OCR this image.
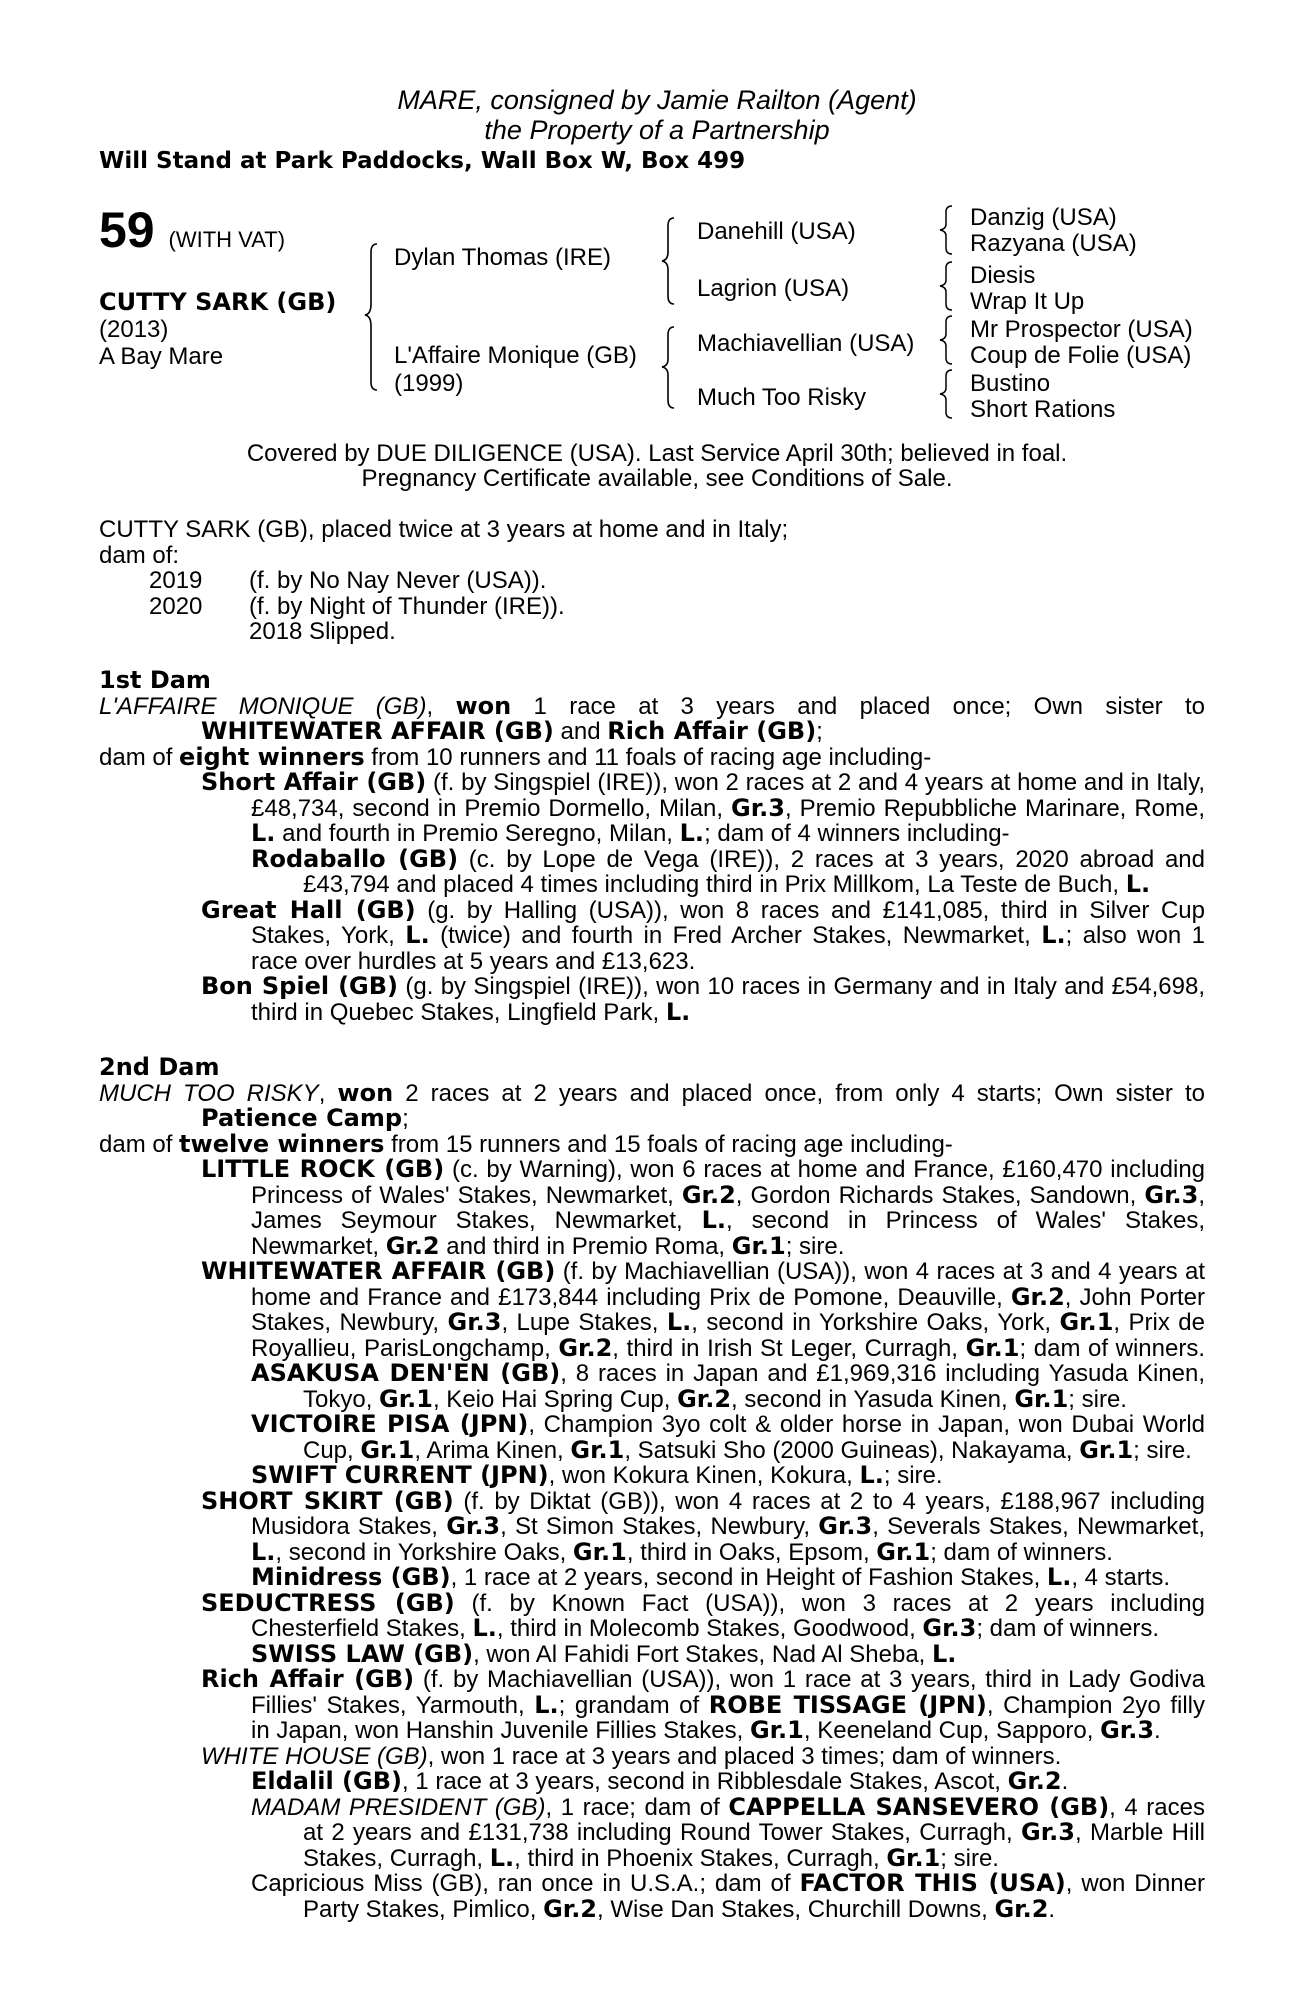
MARE, consigned by Jamie Railton (Agent)
the Property of a Partnership
Will Stand at Park Paddocks, Wall Box W, Box 499
59 (WITH VAT)
CUTTY SARK (GB)
(2013)
A Bay Mare
Dylan Thomas (IRE)
L'Affaire Monique (GB)
(1999)
Danehill (USA)
Lagrion (USA)
Machiavellian (USA)
Much Too Risky
Danzig (USA)
Razyana (USA)
Diesis
Wrap It Up
Mr Prospector (USA)
Coup de Folie (USA)
Bustino
Short Rations
Covered by DUE DILIGENCE (USA). Last Service April 30th; believed in foal.
Pregnancy Certificate available, see Conditions of Sale.
CUTTY SARK (GB), placed twice at 3 years at home and in Italy;
dam of:
2019 (f. by No Nay Never (USA)).
2020 (f. by Night of Thunder (IRE)).
2018 Slipped.
1st Dam
L'AFFAIRE MONIQUE (GB), won 1 race at 3 years and placed once; Own sister to
WHITEWATER AFFAIR (GB) and Rich Affair (GB);
dam of eight winners from 10 runners and 11 foals of racing age including-
Short Affair (GB) (f. by Singspiel (IRE)), won 2 races at 2 and 4 years at home and in Italy,
£48,734, second in Premio Dormello, Milan, Gr.3, Premio Repubbliche Marinare, Rome,
L. and fourth in Premio Seregno, Milan, L.; dam of 4 winners including-
Rodaballo (GB) (c. by Lope de Vega (IRE)), 2 races at 3 years, 2020 abroad and
£43,794 and placed 4 times including third in Prix Millkom, La Teste de Buch, L.
Great Hall (GB) (g. by Halling (USA)), won 8 races and £141,085, third in Silver Cup
Stakes, York, L. (twice) and fourth in Fred Archer Stakes, Newmarket, L.; also won 1
race over hurdles at 5 years and £13,623.
Bon Spiel (GB) (g. by Singspiel (IRE)), won 10 races in Germany and in Italy and £54,698,
third in Quebec Stakes, Lingfield Park, L.
2nd Dam
MUCH TOO RISKY, won 2 races at 2 years and placed once, from only 4 starts; Own sister to
Patience Camp;
dam of twelve winners from 15 runners and 15 foals of racing age including-
LITTLE ROCK (GB) (c. by Warning), won 6 races at home and France, £160,470 including
Princess of Wales' Stakes, Newmarket, Gr.2, Gordon Richards Stakes, Sandown, Gr.3,
James Seymour Stakes, Newmarket, L., second in Princess of Wales' Stakes,
Newmarket, Gr.2 and third in Premio Roma, Gr.1; sire.
WHITEWATER AFFAIR (GB) (f. by Machiavellian (USA)), won 4 races at 3 and 4 years at
home and France and £173,844 including Prix de Pomone, Deauville, Gr.2, John Porter
Stakes, Newbury, Gr.3, Lupe Stakes, L., second in Yorkshire Oaks, York, Gr.1, Prix de
Royallieu, ParisLongchamp, Gr.2, third in Irish St Leger, Curragh, Gr.1; dam of winners.
ASAKUSA DEN'EN (GB), 8 races in Japan and £1,969,316 including Yasuda Kinen,
Tokyo, Gr.1, Keio Hai Spring Cup, Gr.2, second in Yasuda Kinen, Gr.1; sire.
VICTOIRE PISA (JPN), Champion 3yo colt & older horse in Japan, won Dubai World
Cup, Gr.1, Arima Kinen, Gr.1, Satsuki Sho (2000 Guineas), Nakayama, Gr.1; sire.
SWIFT CURRENT (JPN), won Kokura Kinen, Kokura, L.; sire.
SHORT SKIRT (GB) (f. by Diktat (GB)), won 4 races at 2 to 4 years, £188,967 including
Musidora Stakes, Gr.3, St Simon Stakes, Newbury, Gr.3, Severals Stakes, Newmarket,
L., second in Yorkshire Oaks, Gr.1, third in Oaks, Epsom, Gr.1; dam of winners.
Minidress (GB), 1 race at 2 years, second in Height of Fashion Stakes, L., 4 starts.
SEDUCTRESS (GB) (f. by Known Fact (USA)), won 3 races at 2 years including
Chesterfield Stakes, L., third in Molecomb Stakes, Goodwood, Gr.3; dam of winners.
SWISS LAW (GB), won Al Fahidi Fort Stakes, Nad Al Sheba, L.
Rich Affair (GB) (f. by Machiavellian (USA)), won 1 race at 3 years, third in Lady Godiva
Fillies' Stakes, Yarmouth, L.; grandam of ROBE TISSAGE (JPN), Champion 2yo filly
in Japan, won Hanshin Juvenile Fillies Stakes, Gr.1, Keeneland Cup, Sapporo, Gr.3.
WHITE HOUSE (GB), won 1 race at 3 years and placed 3 times; dam of winners.
Eldalil (GB), 1 race at 3 years, second in Ribblesdale Stakes, Ascot, Gr.2.
MADAM PRESIDENT (GB), 1 race; dam of CAPPELLA SANSEVERO (GB), 4 races
at 2 years and £131,738 including Round Tower Stakes, Curragh, Gr.3, Marble Hill
Stakes, Curragh, L., third in Phoenix Stakes, Curragh, Gr.1; sire.
Capricious Miss (GB), ran once in U.S.A.; dam of FACTOR THIS (USA), won Dinner
Party Stakes, Pimlico, Gr.2, Wise Dan Stakes, Churchill Downs, Gr.2.
